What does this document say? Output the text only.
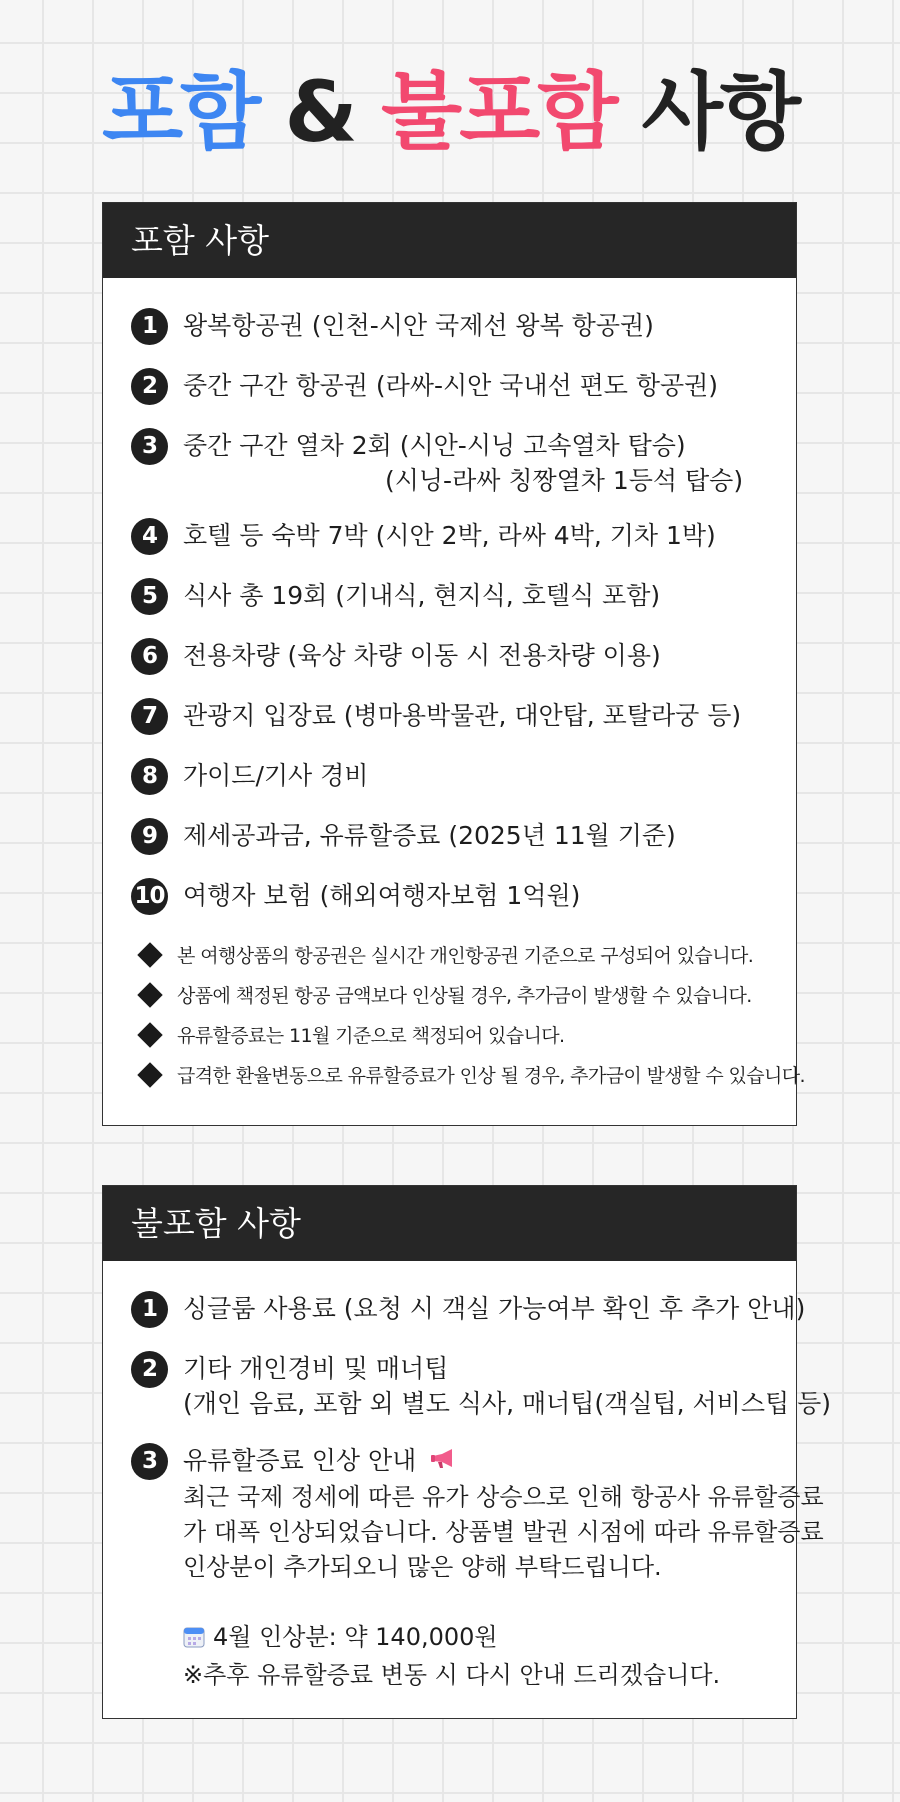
포함 & 불포함 사항
포함 사항
1	왕복항공권 (인천-시안 국제선 왕복 항공권)
2	중간 구간 항공권 (라싸-시안 국내선 편도 항공권)
3	중간 구간 열차 2회 (시안-시닝 고속열차 탑승)
(시닝-라싸 칭짱열차 1등석 탑승)
4	호텔 등 숙박 7박 (시안 2박, 라싸 4박, 기차 1박)
5	식사 총 19회 (기내식, 현지식, 호텔식 포함)
6	전용차량 (육상 차량 이동 시 전용차량 이용)
7	관광지 입장료 (병마용박물관, 대안탑, 포탈라궁 등)
8	가이드/기사 경비
9	제세공과금, 유류할증료 (2025년 11월 기준)
10 여행자 보험 (해외여행자보험 1억원)
본 여행상품의 항공권은 실시간 개인항공권 기준으로 구성되어 있습니다.
상품에 책정된 항공 금액보다 인상될 경우, 추가금이 발생할 수 있습니다.
유류할증료는 11월 기준으로 책정되어 있습니다.
급격한 환율변동으로 유류할증료가 인상 될 경우, 추가금이 발생할 수 있습니다.
불포함 사항
1	싱글룸 사용료 (요청 시 객실 가능여부 확인 후 추가 안내)
2	기타 개인경비 및 매너팁
(개인 음료, 포함 외 별도 식사, 매너팁(객실팁, 서비스팁 등)
3	유류할증료 인상 안내
최근 국제 정세에 따른 유가 상승으로 인해 항공사 유류할증료
가 대폭 인상되었습니다. 상품별 발권 시점에 따라 유류할증료
인상분이 추가되오니 많은 양해 부탁드립니다.
4월 인상분: 약 140,000원
※추후 유류할증료 변동 시 다시 안내 드리겠습니다.
